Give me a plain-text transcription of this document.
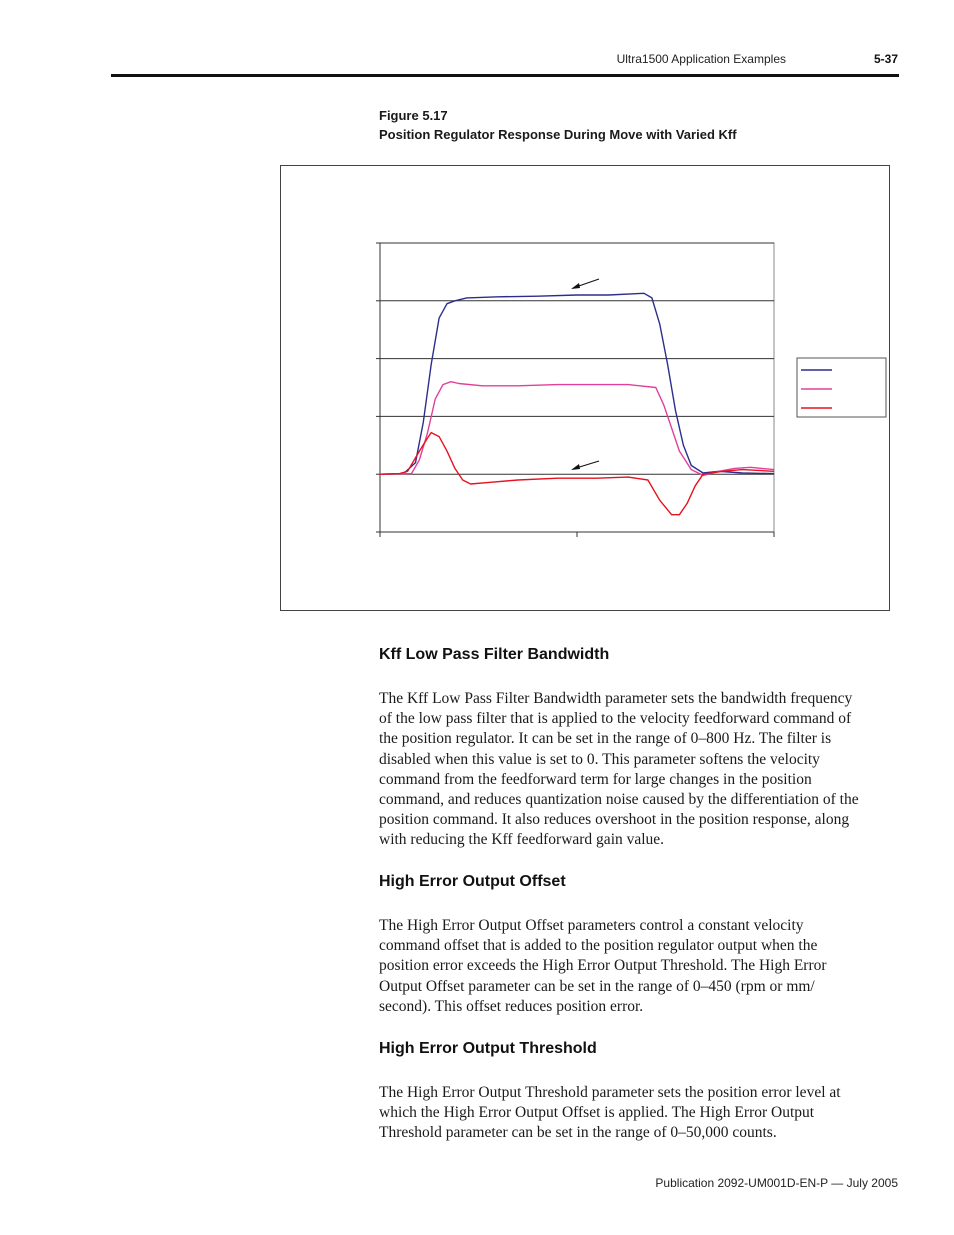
Ultra1500 Application Examples	5-37
Figure 5.17
Position Regulator Response During Move with Varied Kff
Kff Low Pass Filter Bandwidth
The Kff Low Pass Filter Bandwidth parameter sets the bandwidth frequency
of the low pass filter that is applied to the velocity feedforward command of
the position regulator. It can be set in the range of 0–800 Hz. The filter is
disabled when this value is set to 0. This parameter softens the velocity
command from the feedforward term for large changes in the position
command, and reduces quantization noise caused by the differentiation of the
position command. It also reduces overshoot in the position response, along
with reducing the Kff feedforward gain value.
High Error Output Offset
The High Error Output Offset parameters control a constant velocity
command offset that is added to the position regulator output when the
position error exceeds the High Error Output Threshold. The High Error
Output Offset parameter can be set in the range of 0–450 (rpm or mm/
second). This offset reduces position error.
High Error Output Threshold
The High Error Output Threshold parameter sets the position error level at
which the High Error Output Offset is applied. The High Error Output
Threshold parameter can be set in the range of 0–50,000 counts.
Publication 2092-UM001D-EN-P — July 2005
